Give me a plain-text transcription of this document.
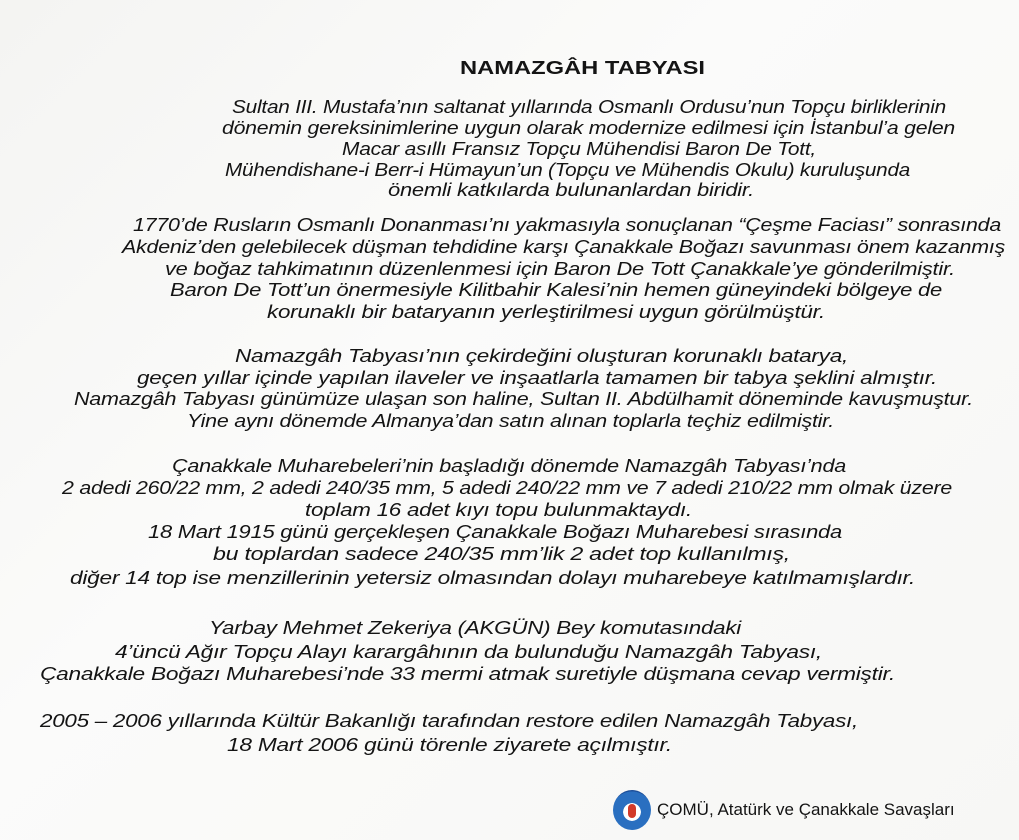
NAMAZGÂH TABYASI
Sultan III. Mustafa’nın saltanat yıllarında Osmanlı Ordusu’nun Topçu birliklerinin
dönemin gereksinimlerine uygun olarak modernize edilmesi için İstanbul’a gelen
Macar asıllı Fransız Topçu Mühendisi Baron De Tott,
Mühendishane-i Berr-i Hümayun’un (Topçu ve Mühendis Okulu) kuruluşunda
önemli katkılarda bulunanlardan biridir.
1770’de Rusların Osmanlı Donanması’nı yakmasıyla sonuçlanan “Çeşme Faciası” sonrasında
Akdeniz’den gelebilecek düşman tehdidine karşı Çanakkale Boğazı savunması önem kazanmış
ve boğaz tahkimatının düzenlenmesi için Baron De Tott Çanakkale’ye gönderilmiştir.
Baron De Tott’un önermesiyle Kilitbahir Kalesi’nin hemen güneyindeki bölgeye de
korunaklı bir bataryanın yerleştirilmesi uygun görülmüştür.
Namazgâh Tabyası’nın çekirdeğini oluşturan korunaklı batarya,
geçen yıllar içinde yapılan ilaveler ve inşaatlarla tamamen bir tabya şeklini almıştır.
Namazgâh Tabyası günümüze ulaşan son haline, Sultan II. Abdülhamit döneminde kavuşmuştur.
Yine aynı dönemde Almanya’dan satın alınan toplarla teçhiz edilmiştir.
Çanakkale Muharebeleri’nin başladığı dönemde Namazgâh Tabyası’nda
2 adedi 260/22 mm, 2 adedi 240/35 mm, 5 adedi 240/22 mm ve 7 adedi 210/22 mm olmak üzere
toplam 16 adet kıyı topu bulunmaktaydı.
18 Mart 1915 günü gerçekleşen Çanakkale Boğazı Muharebesi sırasında
bu toplardan sadece 240/35 mm’lik 2 adet top kullanılmış,
diğer 14 top ise menzillerinin yetersiz olmasından dolayı muharebeye katılmamışlardır.
Yarbay Mehmet Zekeriya (AKGÜN) Bey komutasındaki
4’üncü Ağır Topçu Alayı karargâhının da bulunduğu Namazgâh Tabyası,
Çanakkale Boğazı Muharebesi’nde 33 mermi atmak suretiyle düşmana cevap vermiştir.
2005 – 2006 yıllarında Kültür Bakanlığı tarafından restore edilen Namazgâh Tabyası,
18 Mart 2006 günü törenle ziyarete açılmıştır.
ÇOMÜ, Atatürk ve Çanakkale Savaşları
